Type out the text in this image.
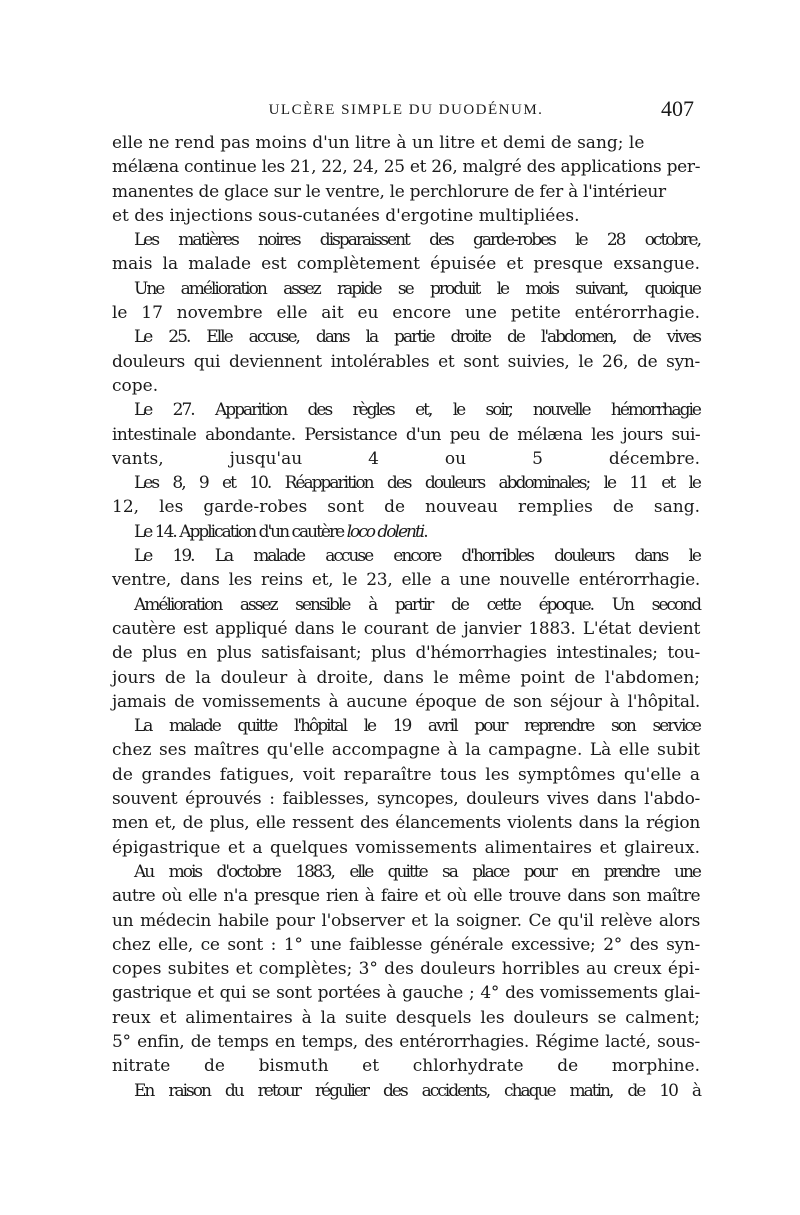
ULCÈRE SIMPLE DU DUODÉNUM.	407

elle ne rend pas moins d'un litre à un litre et demi de sang; le
mélæna continue les 21, 22, 24, 25 et 26, malgré des applications per-
manentes de glace sur le ventre, le perchlorure de fer à l'intérieur
et des injections sous-cutanées d'ergotine multipliées.

Les matières noires disparaissent des garde-robes le 28 octobre,
mais la malade est complètement épuisée et presque exsangue.

Une amélioration assez rapide se produit le mois suivant, quoique
le 17 novembre elle ait eu encore une petite entérorrhagie.

Le 25. Elle accuse, dans la partie droite de l'abdomen, de vives
douleurs qui deviennent intolérables et sont suivies, le 26, de syn-
cope.

Le 27. Apparition des règles et, le soir, nouvelle hémorrhagie
intestinale abondante. Persistance d'un peu de mélæna les jours sui-
vants, jusqu'au 4 ou 5 décembre.

Les 8, 9 et 10. Réapparition des douleurs abdominales; le 11 et le
12, les garde-robes sont de nouveau remplies de sang.

Le 14. Application d'un cautère loco dolenti.

Le 19. La malade accuse encore d'horribles douleurs dans le
ventre, dans les reins et, le 23, elle a une nouvelle entérorrhagie.

Amélioration assez sensible à partir de cette époque. Un second
cautère est appliqué dans le courant de janvier 1883. L'état devient
de plus en plus satisfaisant; plus d'hémorrhagies intestinales; tou-
jours de la douleur à droite, dans le même point de l'abdomen;
jamais de vomissements à aucune époque de son séjour à l'hôpital.

La malade quitte l'hôpital le 19 avril pour reprendre son service
chez ses maîtres qu'elle accompagne à la campagne. Là elle subit
de grandes fatigues, voit reparaître tous les symptômes qu'elle a
souvent éprouvés : faiblesses, syncopes, douleurs vives dans l'abdo-
men et, de plus, elle ressent des élancements violents dans la région
épigastrique et a quelques vomissements alimentaires et glaireux.

Au mois d'octobre 1883, elle quitte sa place pour en prendre une
autre où elle n'a presque rien à faire et où elle trouve dans son maître
un médecin habile pour l'observer et la soigner. Ce qu'il relève alors
chez elle, ce sont : 1° une faiblesse générale excessive; 2° des syn-
copes subites et complètes; 3° des douleurs horribles au creux épi-
gastrique et qui se sont portées à gauche ; 4° des vomissements glai-
reux et alimentaires à la suite desquels les douleurs se calment;
5° enfin, de temps en temps, des entérorrhagies. Régime lacté, sous-
nitrate de bismuth et chlorhydrate de morphine.

En raison du retour régulier des accidents, chaque matin, de 10 à
